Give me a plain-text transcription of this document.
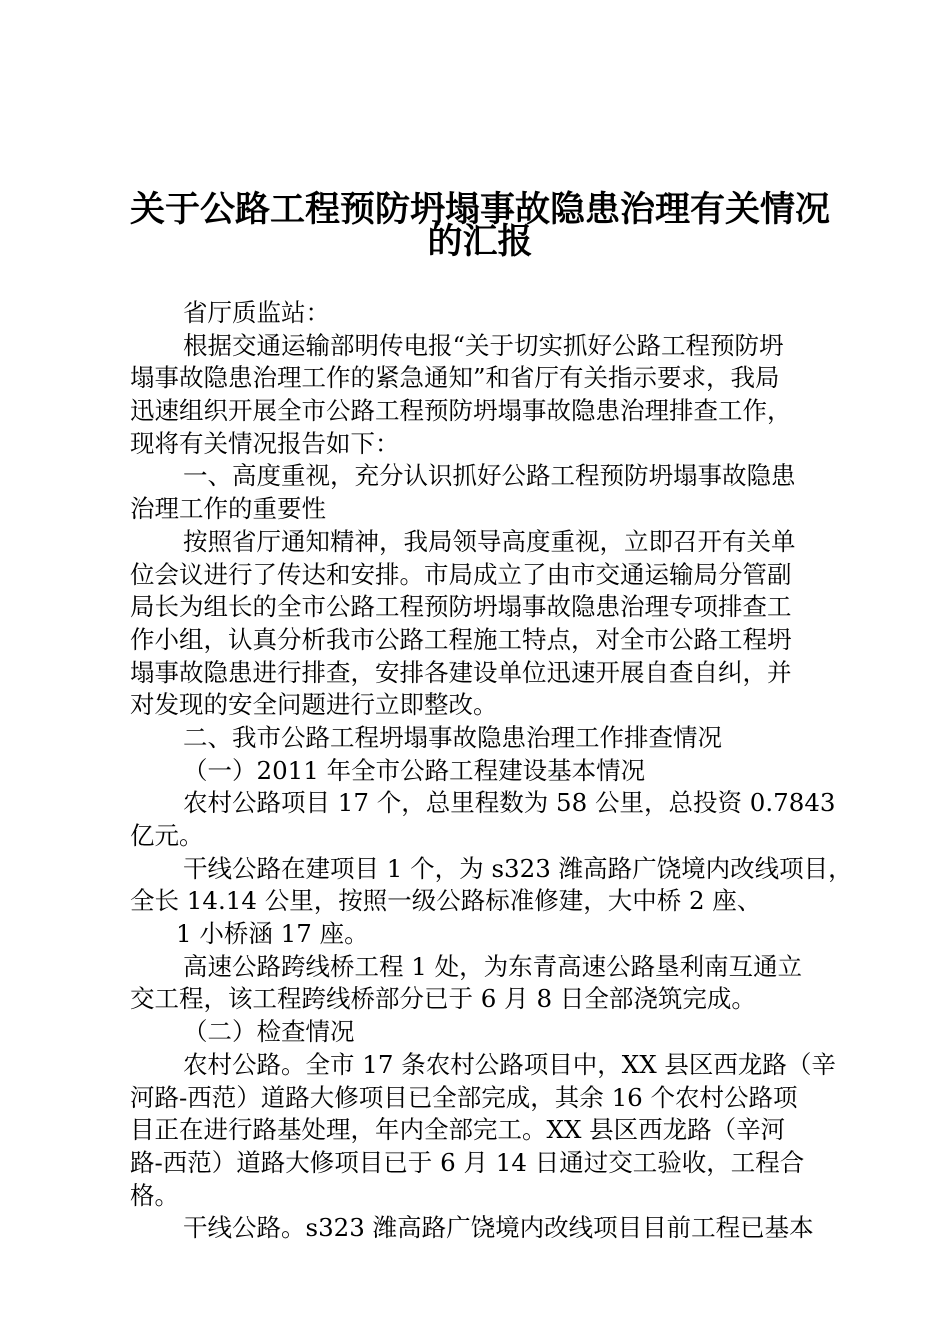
关于公路工程预防坍塌事故隐患治理有关情况
的汇报
省厅质监站：
根据交通运输部明传电报“关于切实抓好公路工程预防坍
塌事故隐患治理工作的紧急通知”和省厅有关指示要求，我局
迅速组织开展全市公路工程预防坍塌事故隐患治理排查工作，
现将有关情况报告如下：
一、高度重视，充分认识抓好公路工程预防坍塌事故隐患
治理工作的重要性
按照省厅通知精神，我局领导高度重视，立即召开有关单
位会议进行了传达和安排。市局成立了由市交通运输局分管副
局长为组长的全市公路工程预防坍塌事故隐患治理专项排查工
作小组，认真分析我市公路工程施工特点，对全市公路工程坍
塌事故隐患进行排查，安排各建设单位迅速开展自查自纠，并
对发现的安全问题进行立即整改。
二、我市公路工程坍塌事故隐患治理工作排查情况
（一）2011 年全市公路工程建设基本情况
农村公路项目 17 个，总里程数为 58 公里，总投资 0.7843
亿元。
干线公路在建项目 1 个，为 s323 潍高路广饶境内改线项目，
全长 14.14 公里，按照一级公路标准修建，大中桥 2 座、
1 小桥涵 17 座。
高速公路跨线桥工程 1 处，为东青高速公路垦利南互通立
交工程，该工程跨线桥部分已于 6 月 8 日全部浇筑完成。
（二）检查情况
农村公路。全市 17 条农村公路项目中，XX 县区西龙路（辛
河路-西范）道路大修项目已全部完成，其余 16 个农村公路项
目正在进行路基处理，年内全部完工。XX 县区西龙路（辛河
路-西范）道路大修项目已于 6 月 14 日通过交工验收，工程合
格。
干线公路。s323 潍高路广饶境内改线项目目前工程已基本
